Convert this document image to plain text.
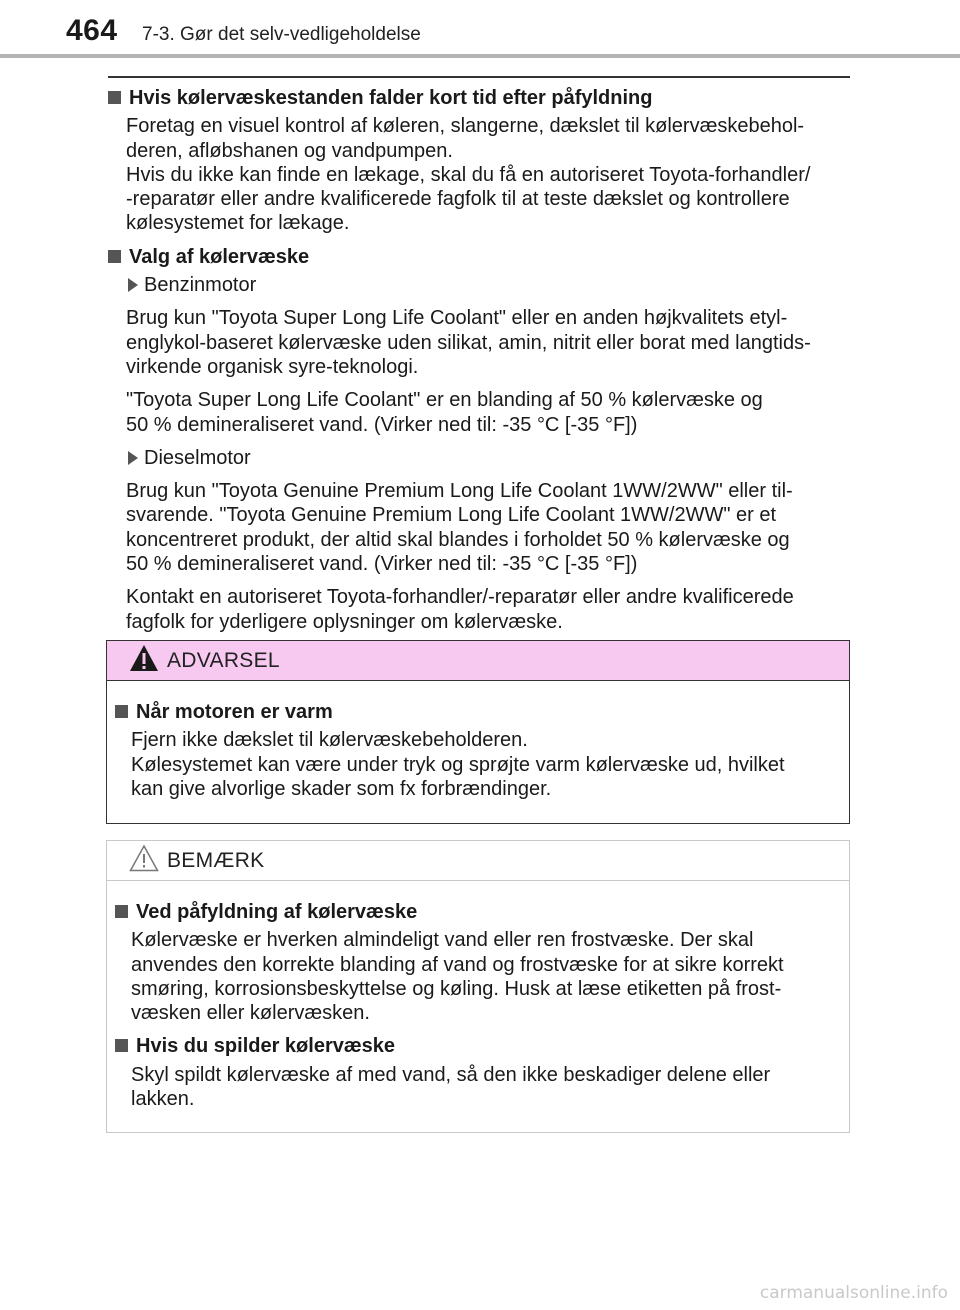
464 7-3. Gør det selv-vedligeholdelse
Hvis kølervæskestanden falder kort tid efter påfyldning
Foretag en visuel kontrol af køleren, slangerne, dækslet til kølervæskebehol-
deren, afløbshanen og vandpumpen.
Hvis du ikke kan finde en lækage, skal du få en autoriseret Toyota-forhandler/
-reparatør eller andre kvalificerede fagfolk til at teste dækslet og kontrollere
kølesystemet for lækage.
Valg af kølervæske
Benzinmotor
Brug kun "Toyota Super Long Life Coolant" eller en anden højkvalitets etyl-
englykol-baseret kølervæske uden silikat, amin, nitrit eller borat med langtids-
virkende organisk syre-teknologi.
"Toyota Super Long Life Coolant" er en blanding af 50 % kølervæske og
50 % demineraliseret vand. (Virker ned til: -35 °C [-35 °F])
Dieselmotor
Brug kun "Toyota Genuine Premium Long Life Coolant 1WW/2WW" eller til-
svarende. "Toyota Genuine Premium Long Life Coolant 1WW/2WW" er et
koncentreret produkt, der altid skal blandes i forholdet 50 % kølervæske og
50 % demineraliseret vand. (Virker ned til: -35 °C [-35 °F])
Kontakt en autoriseret Toyota-forhandler/-reparatør eller andre kvalificerede
fagfolk for yderligere oplysninger om kølervæske.
ADVARSEL
Når motoren er varm
Fjern ikke dækslet til kølervæskebeholderen.
Kølesystemet kan være under tryk og sprøjte varm kølervæske ud, hvilket
kan give alvorlige skader som fx forbrændinger.
BEMÆRK
Ved påfyldning af kølervæske
Kølervæske er hverken almindeligt vand eller ren frostvæske. Der skal
anvendes den korrekte blanding af vand og frostvæske for at sikre korrekt
smøring, korrosionsbeskyttelse og køling. Husk at læse etiketten på frost-
væsken eller kølervæsken.
Hvis du spilder kølervæske
Skyl spildt kølervæske af med vand, så den ikke beskadiger delene eller
lakken.
carmanualsonline.info
